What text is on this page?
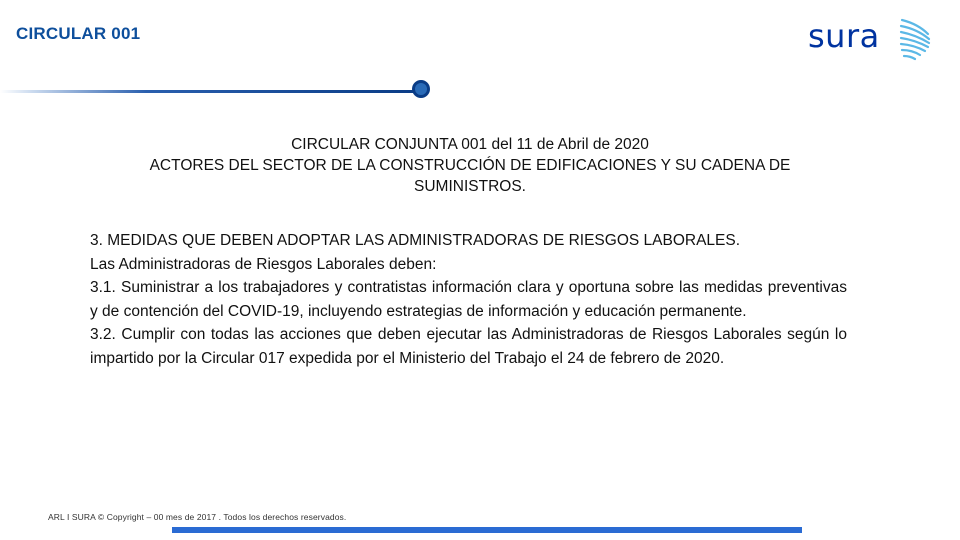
CIRCULAR 001	sura
CIRCULAR CONJUNTA 001 del 11 de Abril de 2020
ACTORES DEL SECTOR DE LA CONSTRUCCIÓN DE EDIFICACIONES Y SU CADENA DE
SUMINISTROS.

3. MEDIDAS QUE DEBEN ADOPTAR LAS ADMINISTRADORAS DE RIESGOS LABORALES.

Las Administradoras de Riesgos Laborales deben:

3.1. Suministrar a los trabajadores y contratistas información clara y oportuna sobre las medidas preventivas y de contención del COVID-19, incluyendo estrategias de información y educación permanente.

3.2. Cumplir con todas las acciones que deben ejecutar las Administradoras de Riesgos Laborales según lo impartido por la Circular 017 expedida por el Ministerio del Trabajo el 24 de febrero de 2020.

ARL I SURA © Copyright – 00 mes de 2017 . Todos los derechos reservados.
